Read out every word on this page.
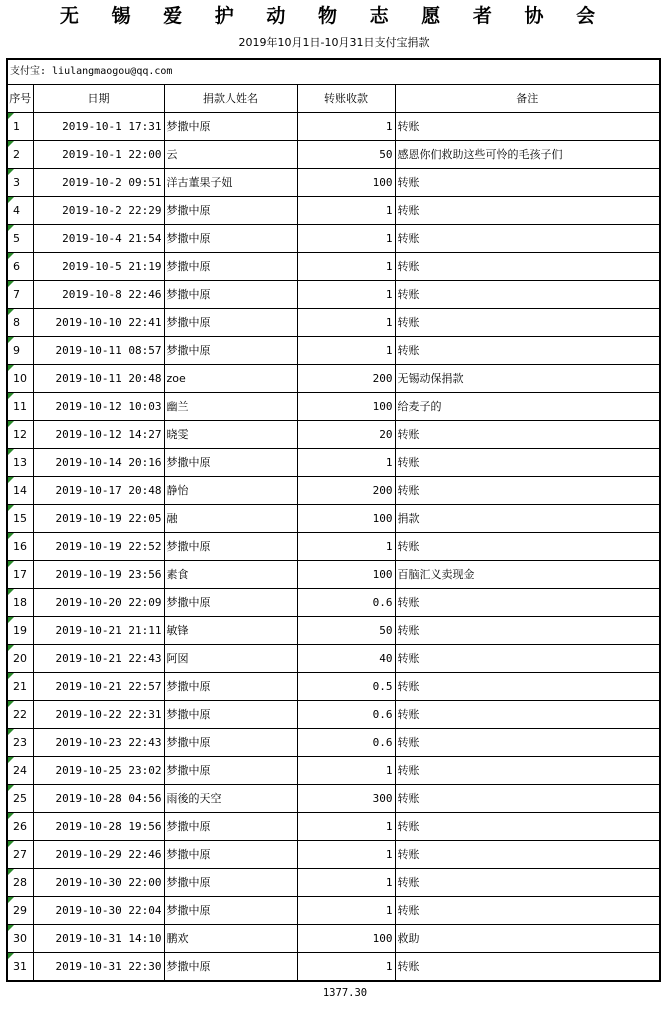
无 锡 爱 护 动 物 志 愿 者 协 会
2019年10月1日-10月31日支付宝捐款
支付宝: liulangmaogou@qq.com				
序号	日期	捐款人姓名	转账收款	备注

1	2019-10-1 17:31	梦撒中原	1	转账

2	2019-10-1 22:00	云	50	感恩你们救助这些可怜的毛孩子们

3	2019-10-2 09:51	洋古董果子妞	100	转账

4	2019-10-2 22:29	梦撒中原	1	转账

5	2019-10-4 21:54	梦撒中原	1	转账

6	2019-10-5 21:19	梦撒中原	1	转账

7	2019-10-8 22:46	梦撒中原	1	转账

8	2019-10-10 22:41	梦撒中原	1	转账

9	2019-10-11 08:57	梦撒中原	1	转账

10	2019-10-11 20:48	zoe	200	无锡动保捐款

11	2019-10-12 10:03	幽兰	100	给麦子的

12	2019-10-12 14:27	晓雯	20	转账

13	2019-10-14 20:16	梦撒中原	1	转账

14	2019-10-17 20:48	静怡	200	转账

15	2019-10-19 22:05	融	100	捐款

16	2019-10-19 22:52	梦撒中原	1	转账

17	2019-10-19 23:56	素食	100	百脑汇义卖现金

18	2019-10-20 22:09	梦撒中原	0.6	转账

19	2019-10-21 21:11	敏锋	50	转账

20	2019-10-21 22:43	阿囡	40	转账

21	2019-10-21 22:57	梦撒中原	0.5	转账

22	2019-10-22 22:31	梦撒中原	0.6	转账

23	2019-10-23 22:43	梦撒中原	0.6	转账

24	2019-10-25 23:02	梦撒中原	1	转账

25	2019-10-28 04:56	雨後的天空	300	转账

26	2019-10-28 19:56	梦撒中原	1	转账

27	2019-10-29 22:46	梦撒中原	1	转账

28	2019-10-30 22:00	梦撒中原	1	转账

29	2019-10-30 22:04	梦撒中原	1	转账

30	2019-10-31 14:10	鹏欢	100	救助

31	2019-10-31 22:30	梦撒中原	1	转账
1377.30
